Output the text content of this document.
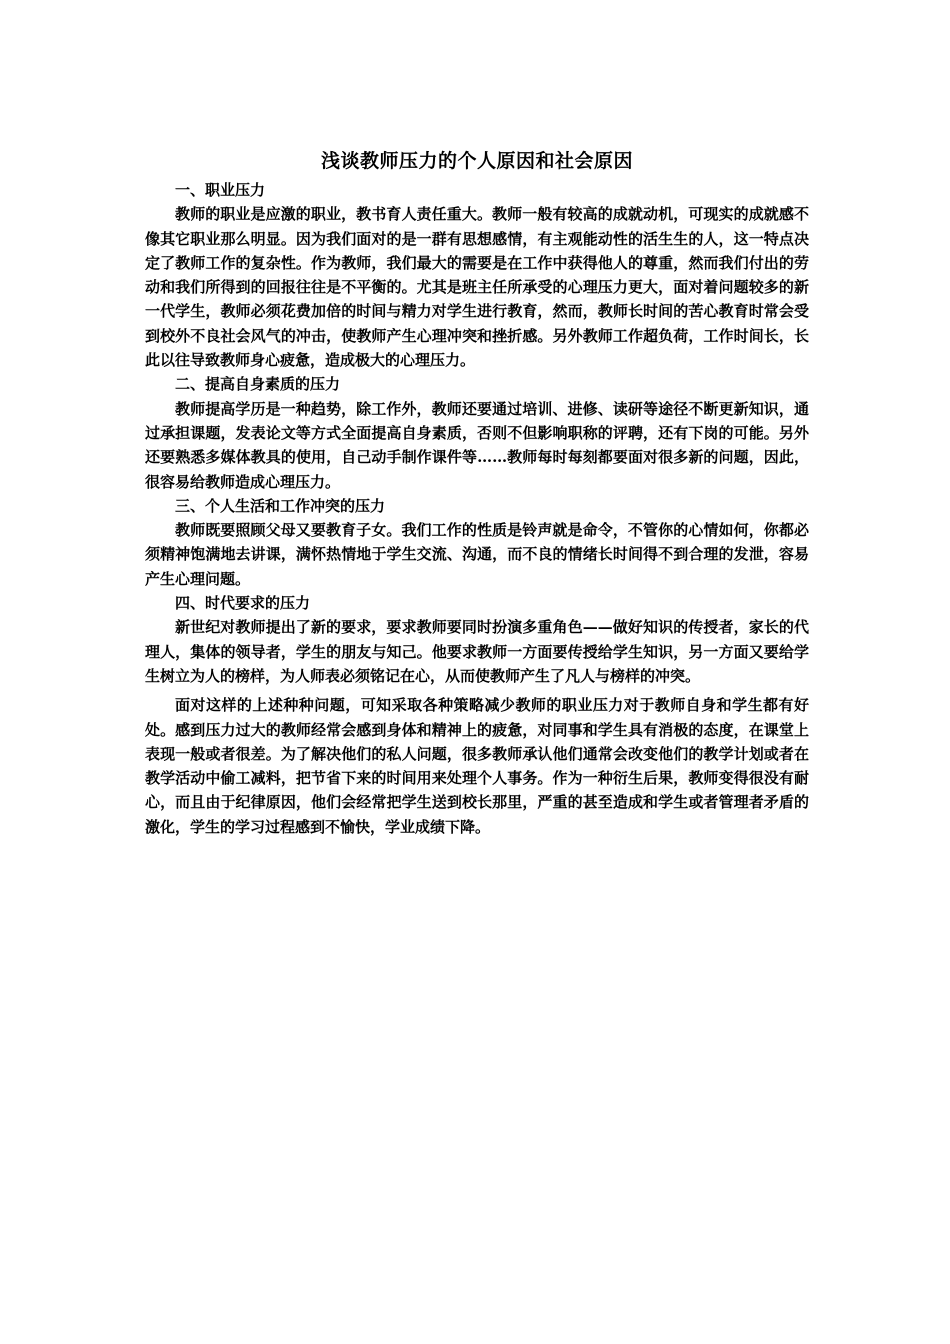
浅谈教师压力的个人原因和社会原因

一、职业压力

教师的职业是应激的职业，教书育人责任重大。教师一般有较高的成就动机，可现实的成就感不像其它职业那么明显。因为我们面对的是一群有思想感情，有主观能动性的活生生的人，这一特点决定了教师工作的复杂性。作为教师，我们最大的需要是在工作中获得他人的尊重，然而我们付出的劳动和我们所得到的回报往往是不平衡的。尤其是班主任所承受的心理压力更大，面对着问题较多的新一代学生，教师必须花费加倍的时间与精力对学生进行教育，然而，教师长时间的苦心教育时常会受到校外不良社会风气的冲击，使教师产生心理冲突和挫折感。另外教师工作超负荷，工作时间长，长此以往导致教师身心疲惫，造成极大的心理压力。

二、提高自身素质的压力

教师提高学历是一种趋势，除工作外，教师还要通过培训、进修、读研等途径不断更新知识，通过承担课题，发表论文等方式全面提高自身素质，否则不但影响职称的评聘，还有下岗的可能。另外还要熟悉多媒体教具的使用，自己动手制作课件等……教师每时每刻都要面对很多新的问题，因此，很容易给教师造成心理压力。

三、个人生活和工作冲突的压力

教师既要照顾父母又要教育子女。我们工作的性质是铃声就是命令，不管你的心情如何，你都必须精神饱满地去讲课，满怀热情地于学生交流、沟通，而不良的情绪长时间得不到合理的发泄，容易产生心理问题。

四、时代要求的压力

新世纪对教师提出了新的要求，要求教师要同时扮演多重角色——做好知识的传授者，家长的代理人，集体的领导者，学生的朋友与知己。他要求教师一方面要传授给学生知识，另一方面又要给学生树立为人的榜样，为人师表必须铭记在心，从而使教师产生了凡人与榜样的冲突。

面对这样的上述种种问题，可知采取各种策略减少教师的职业压力对于教师自身和学生都有好处。感到压力过大的教师经常会感到身体和精神上的疲惫，对同事和学生具有消极的态度，在课堂上表现一般或者很差。为了解决他们的私人问题，很多教师承认他们通常会改变他们的教学计划或者在教学活动中偷工减料，把节省下来的时间用来处理个人事务。作为一种衍生后果，教师变得很没有耐心，而且由于纪律原因，他们会经常把学生送到校长那里，严重的甚至造成和学生或者管理者矛盾的激化，学生的学习过程感到不愉快，学业成绩下降。
